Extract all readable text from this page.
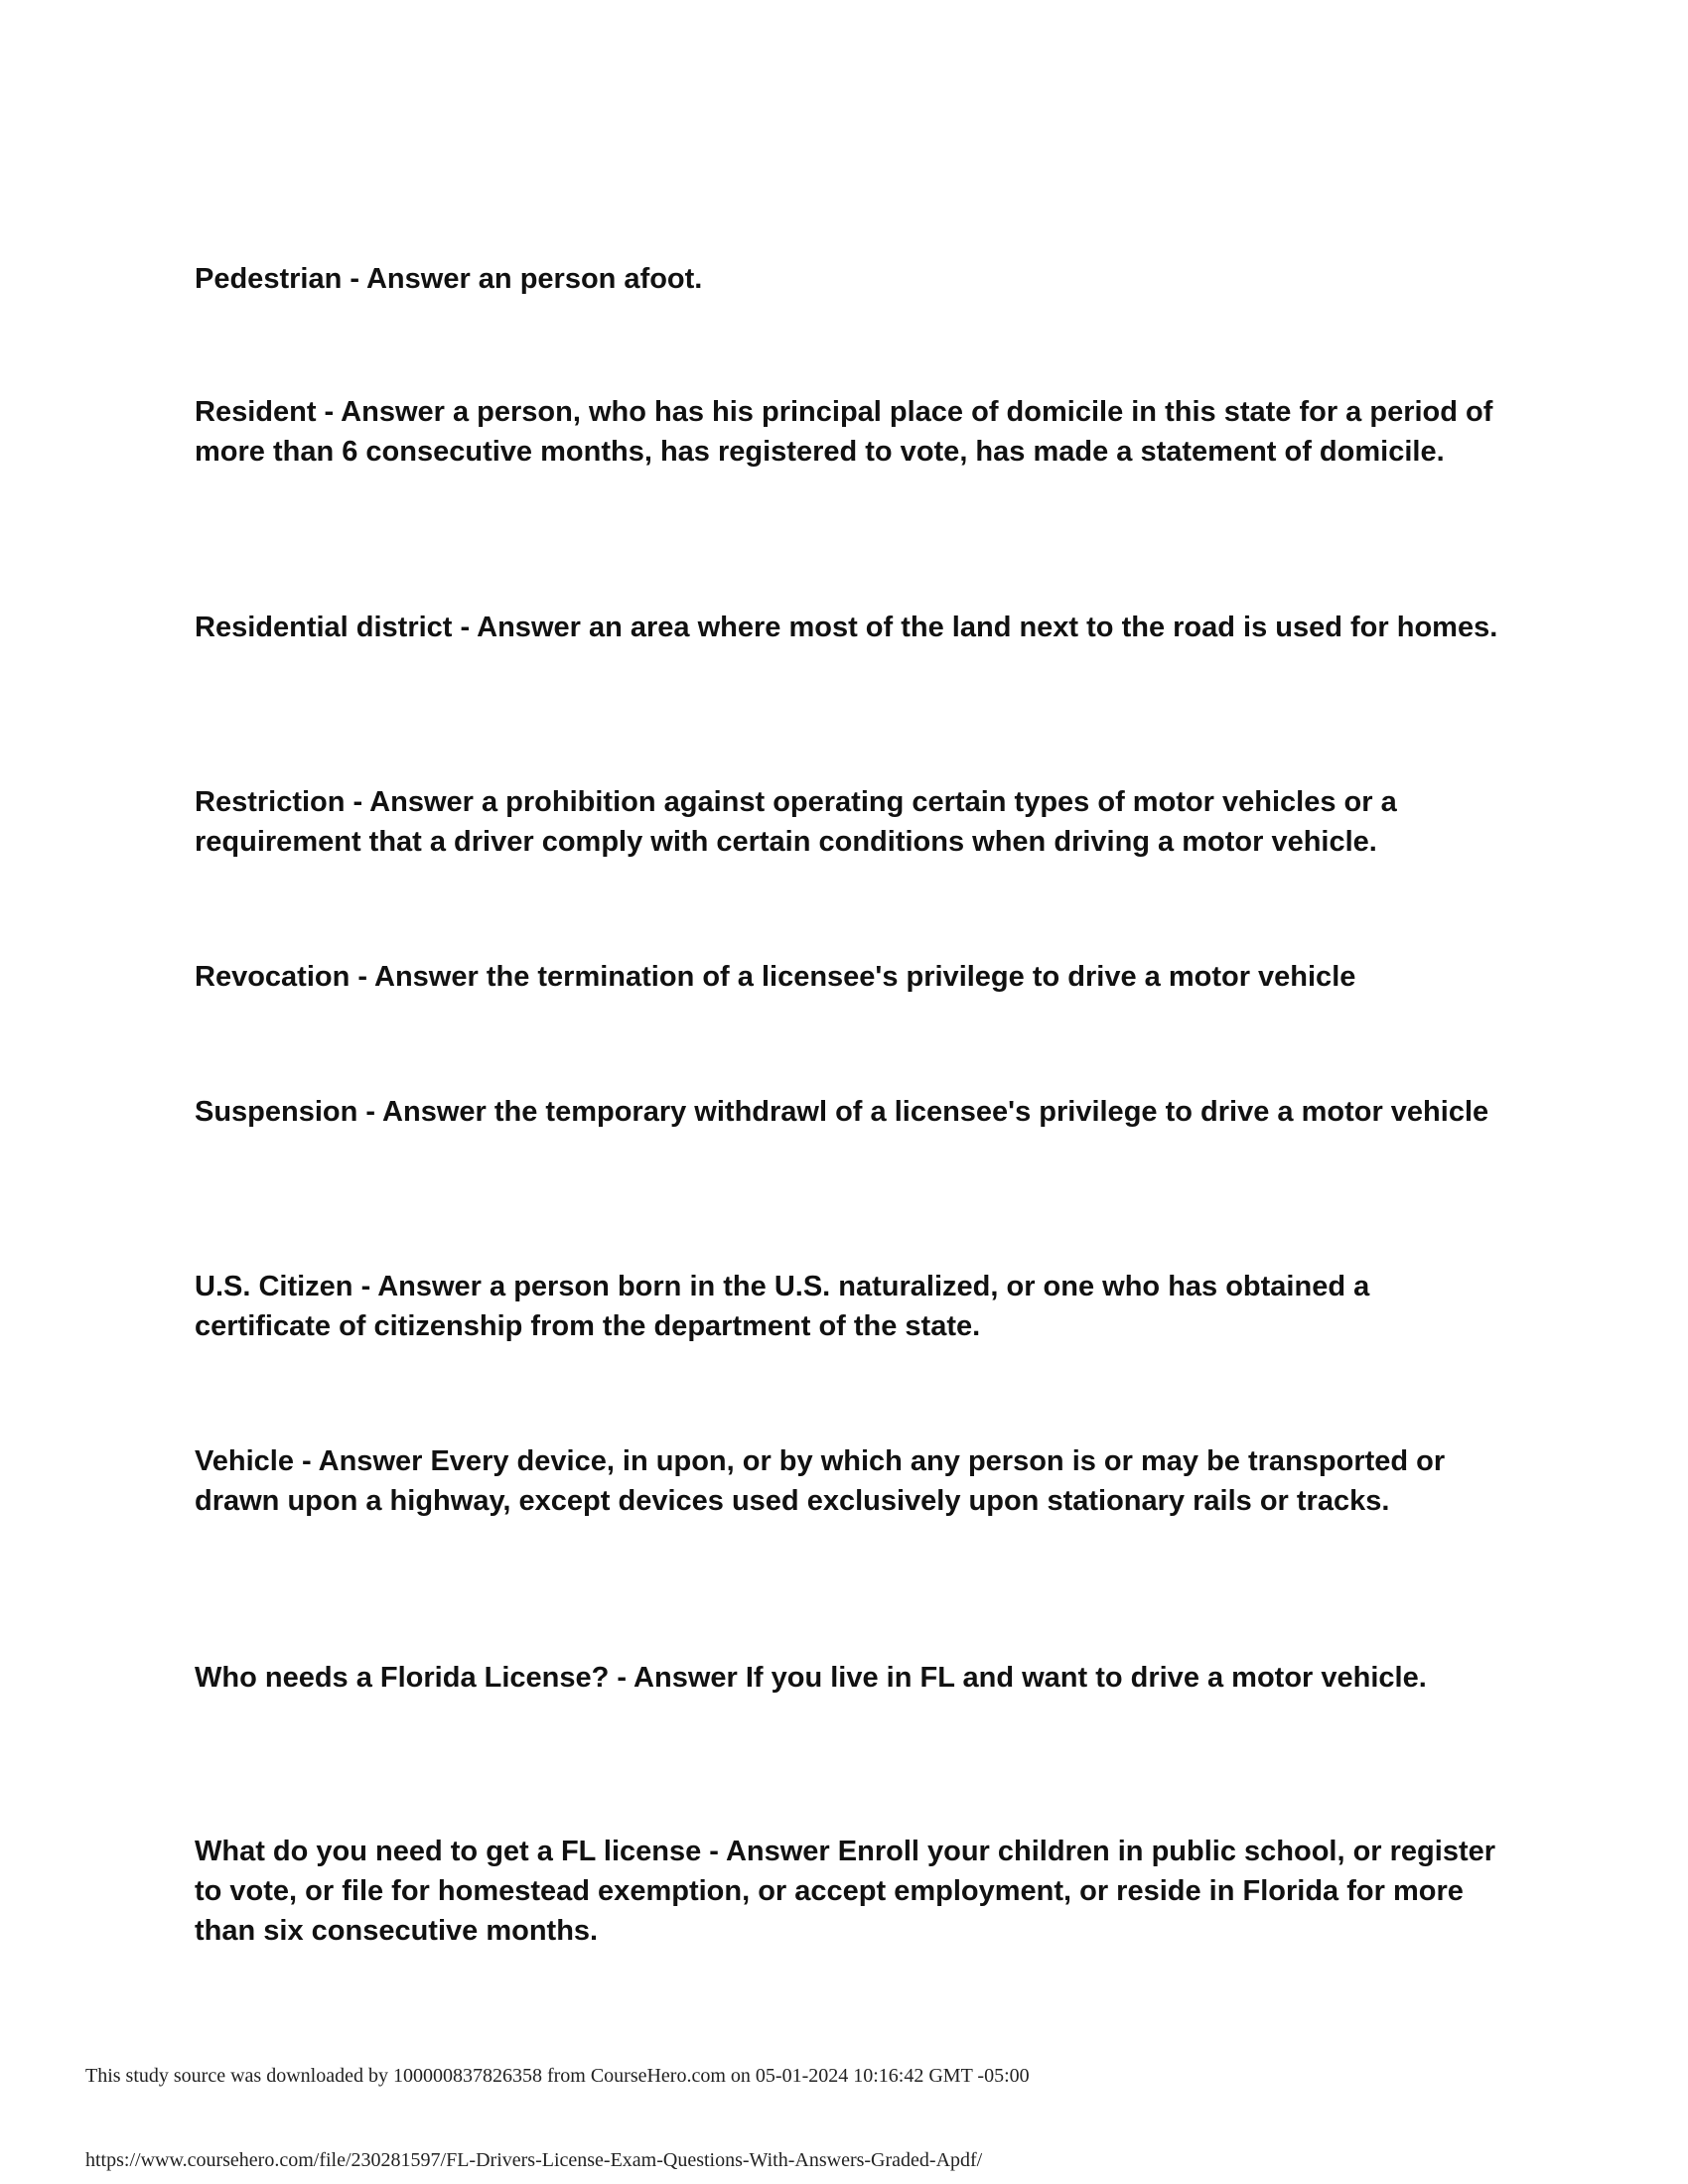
Pedestrian - Answer an person afoot.

Resident - Answer a person, who has his principal place of domicile in this state for a period of more than 6 consecutive months, has registered to vote, has made a statement of domicile.

Residential district - Answer an area where most of the land next to the road is used for homes.

Restriction - Answer a prohibition against operating certain types of motor vehicles or a requirement that a driver comply with certain conditions when driving a motor vehicle.

Revocation - Answer the termination of a licensee's privilege to drive a motor vehicle

Suspension - Answer the temporary withdrawl of a licensee's privilege to drive a motor vehicle

U.S. Citizen - Answer a person born in the U.S. naturalized, or one who has obtained a certificate of citizenship from the department of the state.

Vehicle - Answer Every device, in upon, or by which any person is or may be transported or drawn upon a highway, except devices used exclusively upon stationary rails or tracks.

Who needs a Florida License? - Answer If you live in FL and want to drive a motor vehicle.

What do you need to get a FL license - Answer Enroll your children in public school, or register to vote, or file for homestead exemption, or accept employment, or reside in Florida for more than six consecutive months.

This study source was downloaded by 100000837826358 from CourseHero.com on 05-01-2024 10:16:42 GMT -05:00

https://www.coursehero.com/file/230281597/FL-Drivers-License-Exam-Questions-With-Answers-Graded-Apdf/
